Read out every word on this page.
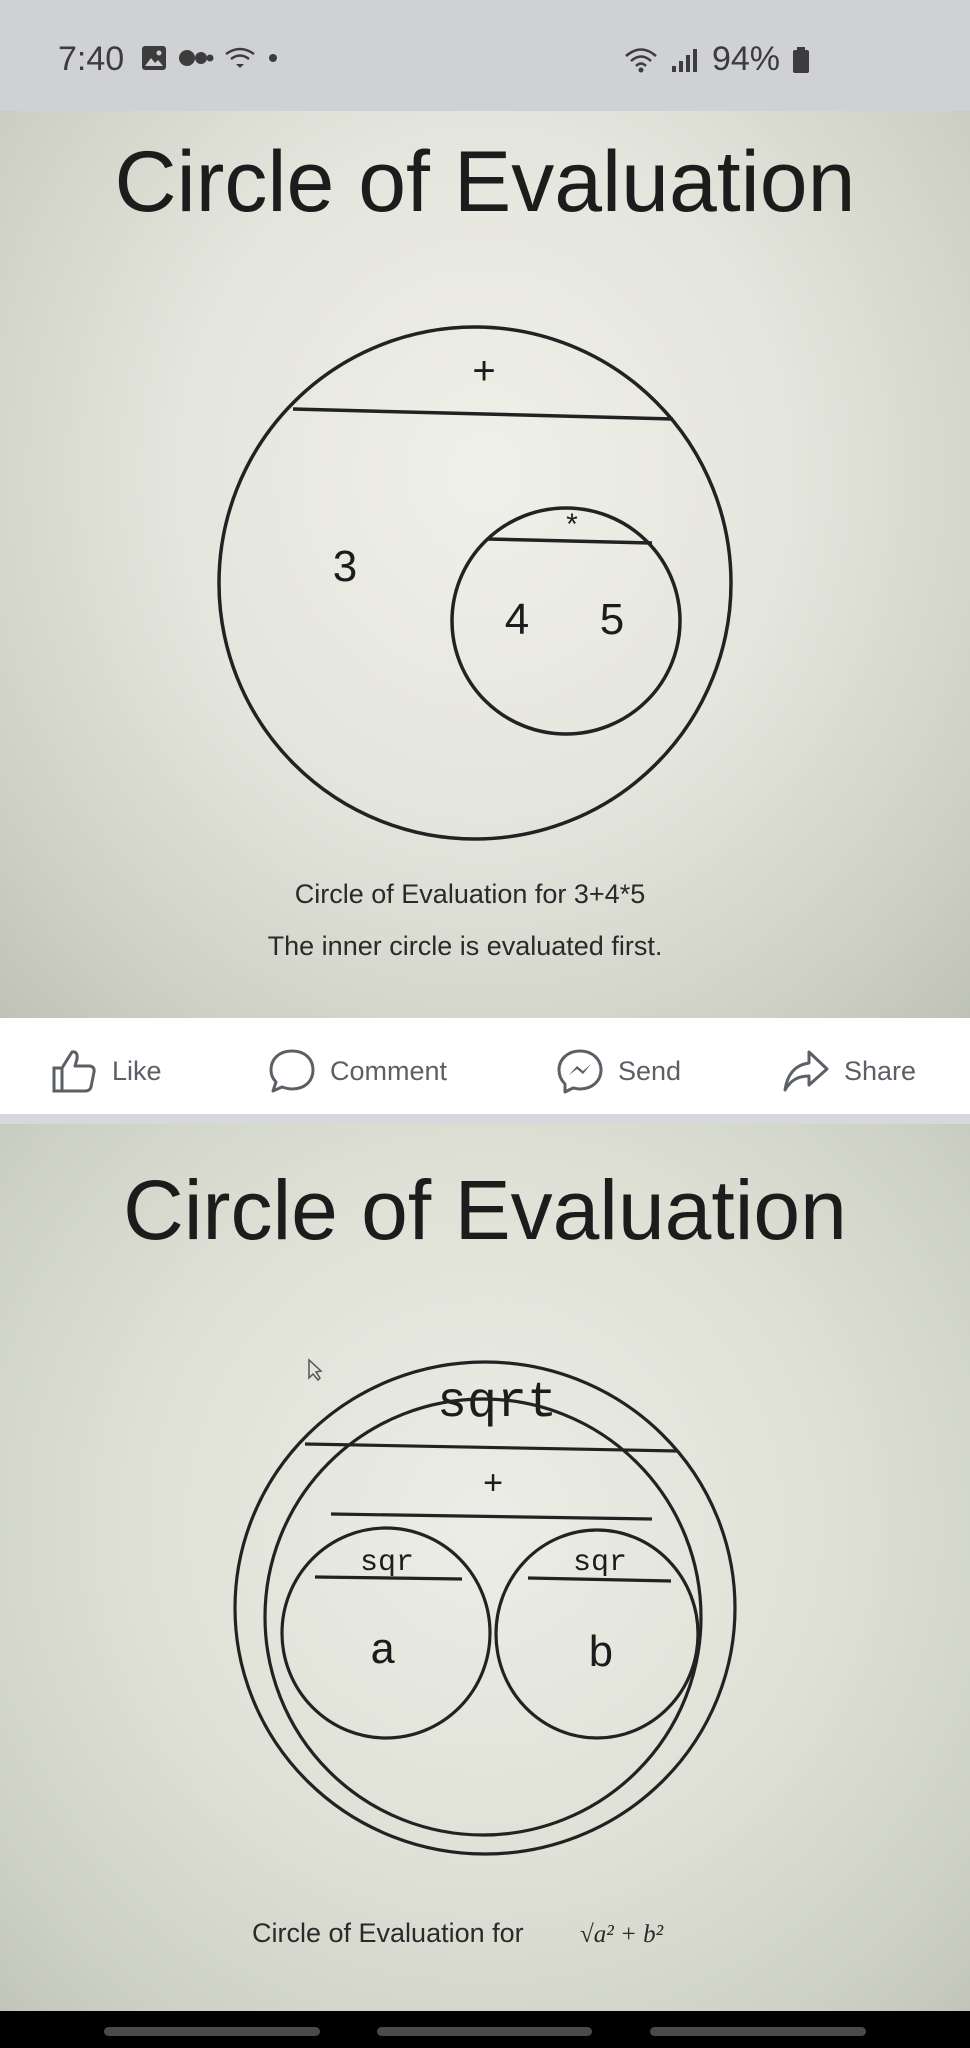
7:40	94%
Circle of Evaluation
+
3
*
4 5
Circle of Evaluation for 3+4*5
The inner circle is evaluated first.
Like	Comment	Send	Share
Circle of Evaluation
sqrt
+
sqr
a
sqr
b
Circle of Evaluation for √a² + b²
